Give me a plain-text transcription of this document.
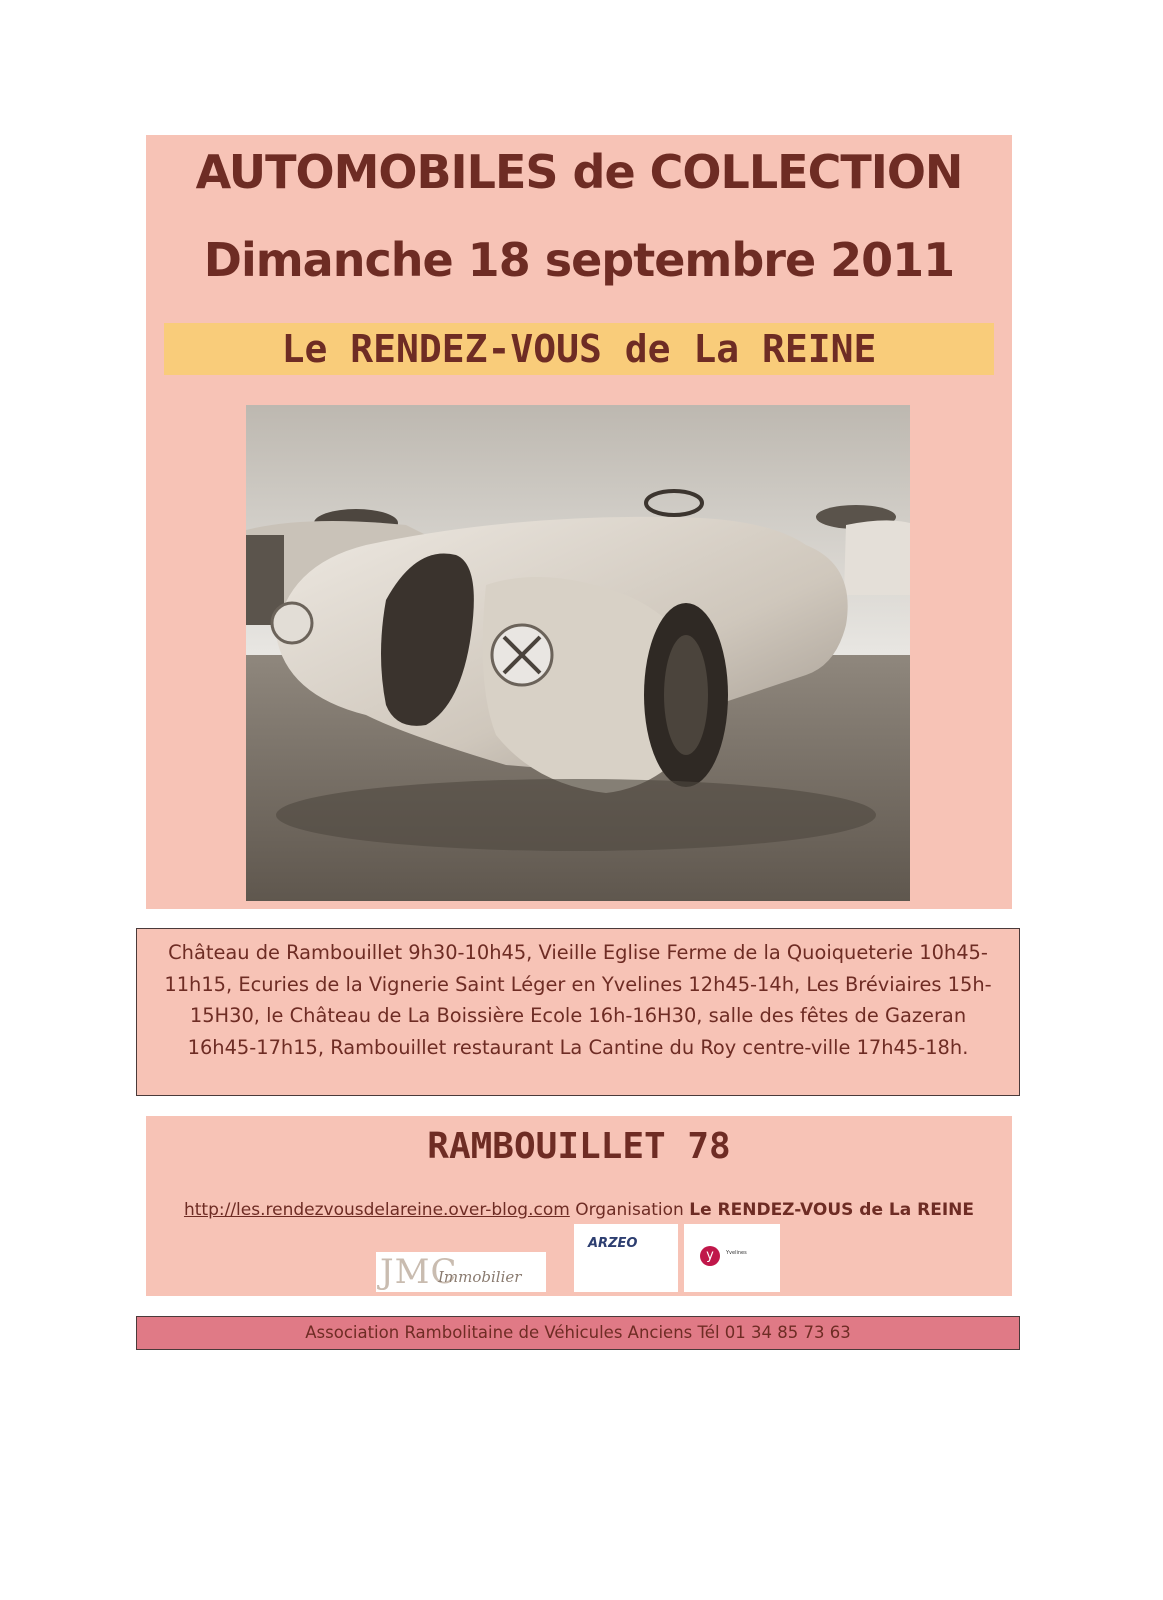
AUTOMOBILES de COLLECTION
Dimanche 18 septembre 2011
Le RENDEZ-VOUS de La REINE
Château de Rambouillet 9h30-10h45, Vieille Eglise Ferme de la Quoiqueterie 10h45-11h15, Ecuries de la Vignerie Saint Léger en Yvelines 12h45-14h, Les Bréviaires 15h-15H30, le Château de La Boissière Ecole 16h-16H30, salle des fêtes de Gazeran 16h45-17h15, Rambouillet restaurant La Cantine du Roy centre-ville 17h45-18h.
RAMBOUILLET 78
http://les.rendezvousdelareine.over-blog.com Organisation Le RENDEZ-VOUS de La REINE
JMC
Immobilier
ARZEO
y	Yvelines
Association Rambolitaine de Véhicules Anciens Tél 01 34 85 73 63
